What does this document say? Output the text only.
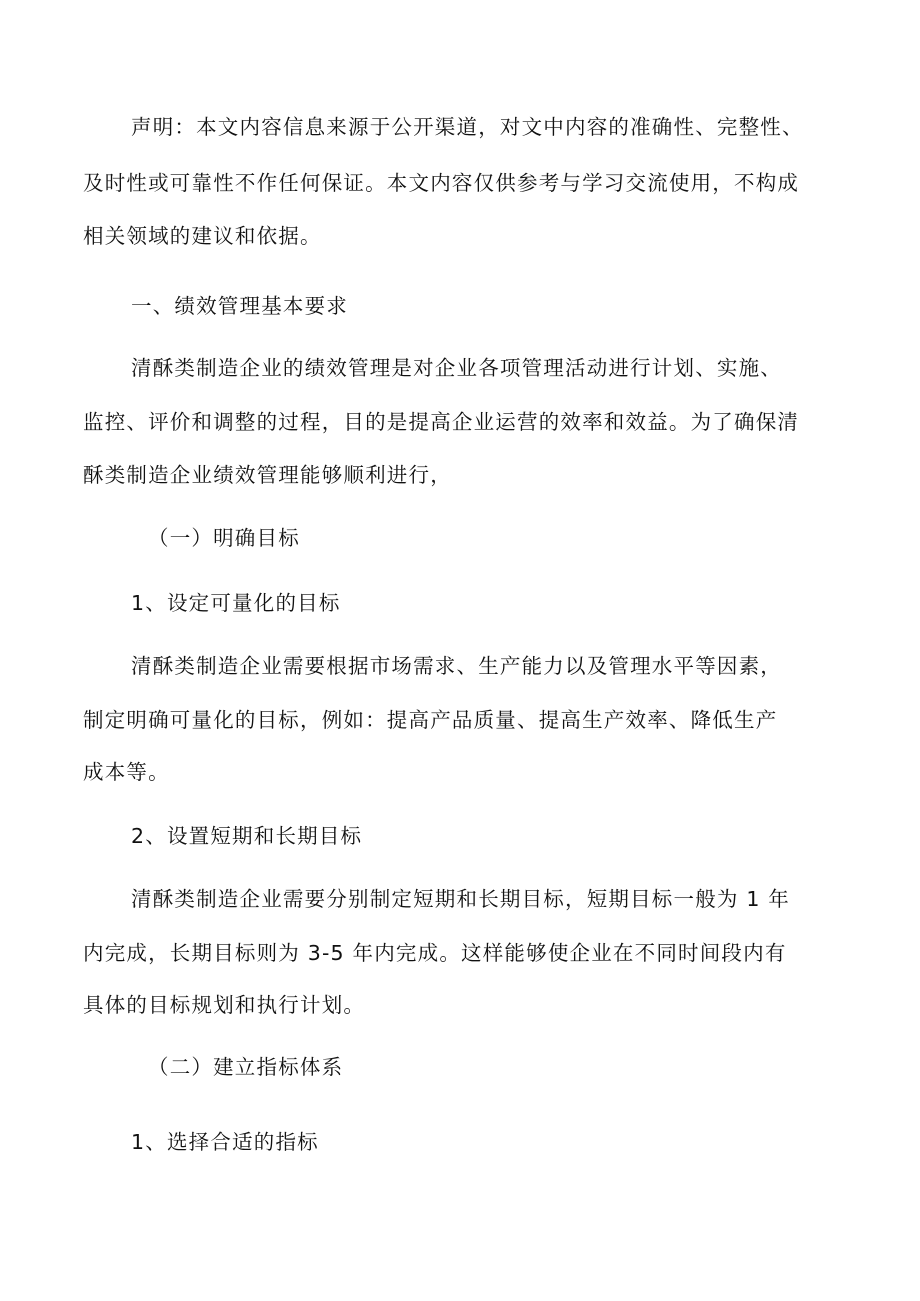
声明：本文内容信息来源于公开渠道，对文中内容的准确性、完整性、
及时性或可靠性不作任何保证。本文内容仅供参考与学习交流使用，不构成
相关领域的建议和依据。
一、绩效管理基本要求
清酥类制造企业的绩效管理是对企业各项管理活动进行计划、实施、
监控、评价和调整的过程，目的是提高企业运营的效率和效益。为了确保清
酥类制造企业绩效管理能够顺利进行，
（一）明确目标
1、设定可量化的目标
清酥类制造企业需要根据市场需求、生产能力以及管理水平等因素，
制定明确可量化的目标，例如：提高产品质量、提高生产效率、降低生产
成本等。
2、设置短期和长期目标
清酥类制造企业需要分别制定短期和长期目标，短期目标一般为 1 年
内完成，长期目标则为 3-5 年内完成。这样能够使企业在不同时间段内有
具体的目标规划和执行计划。
（二）建立指标体系
1、选择合适的指标
